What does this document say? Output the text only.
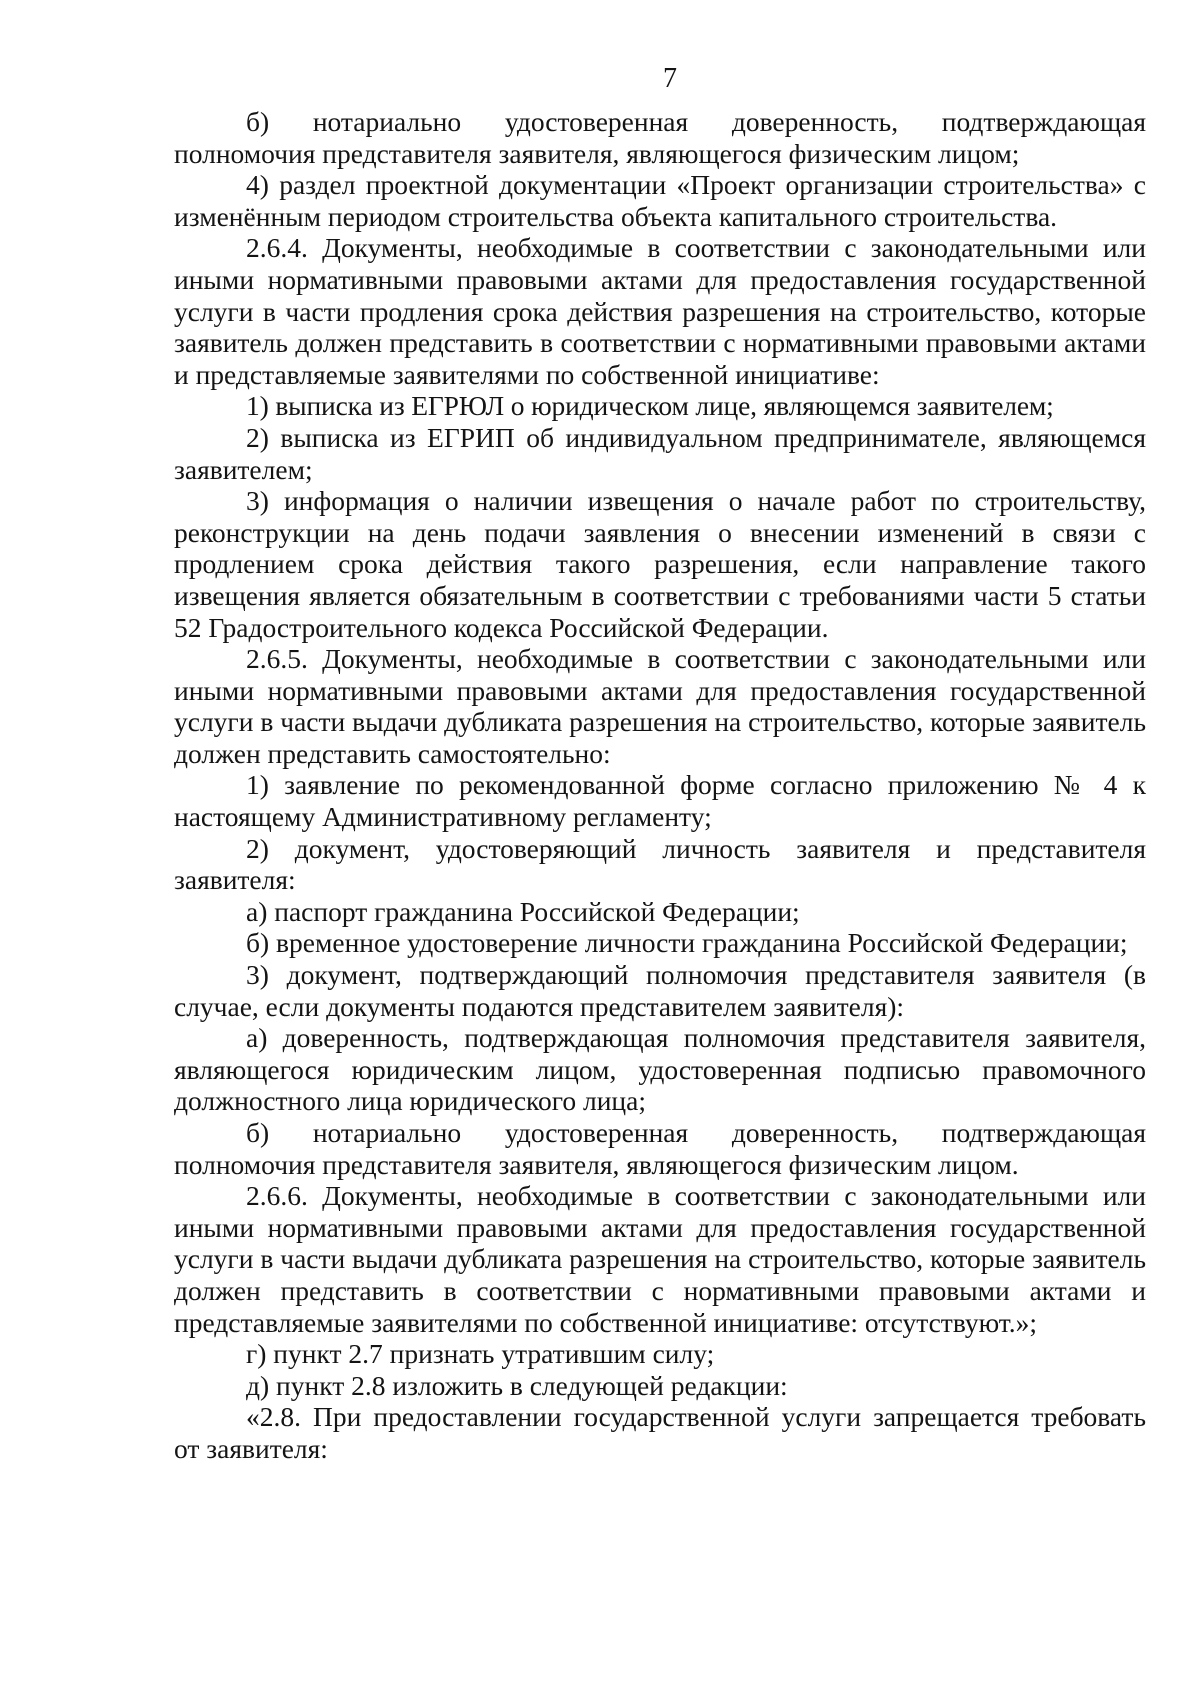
7

б) нотариально удостоверенная доверенность, подтверждающая полномочия представителя заявителя, являющегося физическим лицом;

4) раздел проектной документации «Проект организации строительства» с изменённым периодом строительства объекта капитального строительства.

2.6.4. Документы, необходимые в соответствии с законодательными или иными нормативными правовыми актами для предоставления государственной услуги в части продления срока действия разрешения на строительство, которые заявитель должен представить в соответствии с нормативными правовыми актами и представляемые заявителями по собственной инициативе:

1) выписка из ЕГРЮЛ о юридическом лице, являющемся заявителем;

2) выписка из ЕГРИП об индивидуальном предпринимателе, являющемся заявителем;

3) информация о наличии извещения о начале работ по строительству, реконструкции на день подачи заявления о внесении изменений в связи с продлением срока действия такого разрешения, если направление такого извещения является обязательным в соответствии с требованиями части 5 статьи 52 Градостроительного кодекса Российской Федерации.

2.6.5. Документы, необходимые в соответствии с законодательными или иными нормативными правовыми актами для предоставления государственной услуги в части выдачи дубликата разрешения на строительство, которые заявитель должен представить самостоятельно:

1) заявление по рекомендованной форме согласно приложению № 4 к настоящему Административному регламенту;

2) документ, удостоверяющий личность заявителя и представителя заявителя:

а) паспорт гражданина Российской Федерации;

б) временное удостоверение личности гражданина Российской Федерации;

3) документ, подтверждающий полномочия представителя заявителя (в случае, если документы подаются представителем заявителя):

а) доверенность, подтверждающая полномочия представителя заявителя, являющегося юридическим лицом, удостоверенная подписью правомочного должностного лица юридического лица;

б) нотариально удостоверенная доверенность, подтверждающая полномочия представителя заявителя, являющегося физическим лицом.

2.6.6. Документы, необходимые в соответствии с законодательными или иными нормативными правовыми актами для предоставления государственной услуги в части выдачи дубликата разрешения на строительство, которые заявитель должен представить в соответствии с нормативными правовыми актами и представляемые заявителями по собственной инициативе: отсутствуют.»;

г) пункт 2.7 признать утратившим силу;

д) пункт 2.8 изложить в следующей редакции:

«2.8. При предоставлении государственной услуги запрещается требовать от заявителя:
